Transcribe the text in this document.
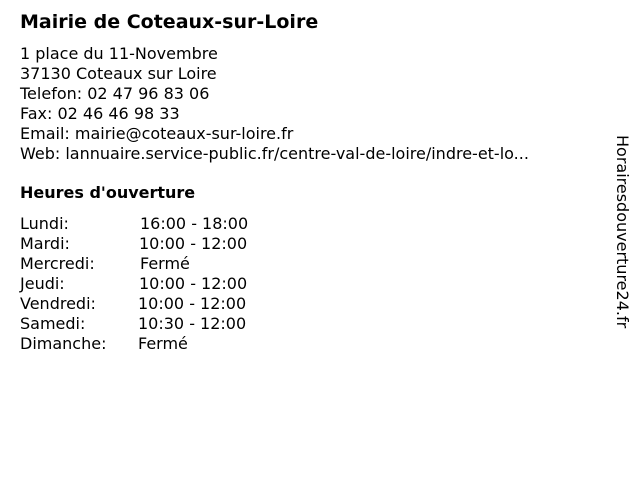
Mairie de Coteaux-sur-Loire
1 place du 11-Novembre
37130 Coteaux sur Loire
Telefon: 02 47 96 83 06
Fax: 02 46 46 98 33
Email: mairie@coteaux-sur-loire.fr
Web: lannuaire.service-public.fr/centre-val-de-loire/indre-et-lo...
Heures d'ouverture
Lundi:	16:00 - 18:00
Mardi:	10:00 - 12:00
Mercredi:	Fermé
Jeudi:	10:00 - 12:00
Vendredi:	10:00 - 12:00
Samedi:	10:30 - 12:00
Dimanche: Fermé
Horairesdouverture24.fr
